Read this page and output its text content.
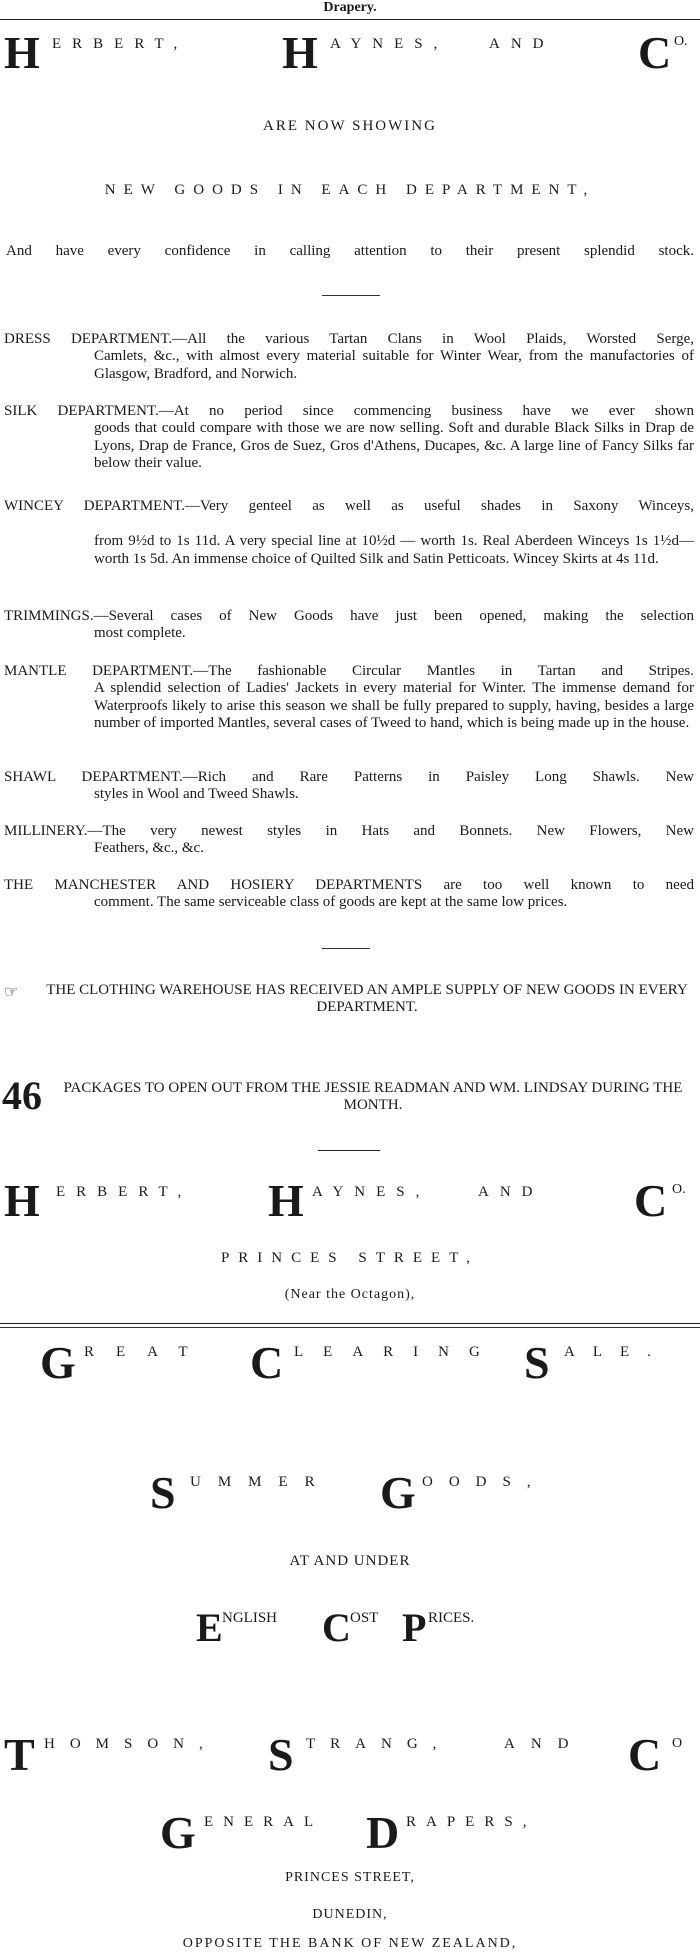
Drapery.
H ERBERT, H AYNES,	AND C O.
ARE NOW SHOWING
NEW GOODS IN EACH DEPARTMENT,
And have every confidence in calling attention to their present splendid stock.
DRESS DEPARTMENT.—All the various Tartan Clans in Wool Plaids, Worsted Serge,
Camlets, &c., with almost every material suitable for Winter Wear, from the manufactories of Glasgow, Bradford, and Norwich.
SILK DEPARTMENT.—At no period since commencing business have we ever shown
goods that could compare with those we are now selling. Soft and durable Black Silks in Drap de Lyons, Drap de France, Gros de Suez, Gros d'Athens, Ducapes, &c. A large line of Fancy Silks far below their value.
WINCEY DEPARTMENT.—Very genteel as well as useful shades in Saxony Winceys,
from 9½d to 1s 11d. A very special line at 10½d — worth 1s. Real Aberdeen Winceys 1s 1½d—worth 1s 5d. An immense choice of Quilted Silk and Satin Petticoats. Wincey Skirts at 4s 11d.
TRIMMINGS.—Several cases of New Goods have just been opened, making the selection
most complete.
MANTLE DEPARTMENT.—The fashionable Circular Mantles in Tartan and Stripes.
A splendid selection of Ladies' Jackets in every material for Winter. The immense demand for Waterproofs likely to arise this season we shall be fully prepared to supply, having, besides a large number of imported Mantles, several cases of Tweed to hand, which is being made up in the house.
SHAWL DEPARTMENT.—Rich and Rare Patterns in Paisley Long Shawls. New
styles in Wool and Tweed Shawls.
MILLINERY.—The very newest styles in Hats and Bonnets. New Flowers, New
Feathers, &c., &c.
THE MANCHESTER AND HOSIERY DEPARTMENTS are too well known to need
comment. The same serviceable class of goods are kept at the same low prices.
☞	THE CLOTHING WAREHOUSE HAS RECEIVED AN AMPLE SUPPLY OF NEW GOODS IN EVERY DEPARTMENT.
46	PACKAGES TO OPEN OUT FROM THE JESSIE READMAN AND WM. LINDSAY DURING THE MONTH.
H ERBERT, H AYNES,	AND C O.
PRINCES STREET,
(Near the Octagon),
G REAT C LEARING S ALE.
S UMMER G OODS,
AT AND UNDER
E NGLISH C OST P RICES.
T HOMSON, S TRANG,	AND C O
G ENERAL D RAPERS,
PRINCES STREET,
DUNEDIN,
OPPOSITE THE BANK OF NEW ZEALAND,
